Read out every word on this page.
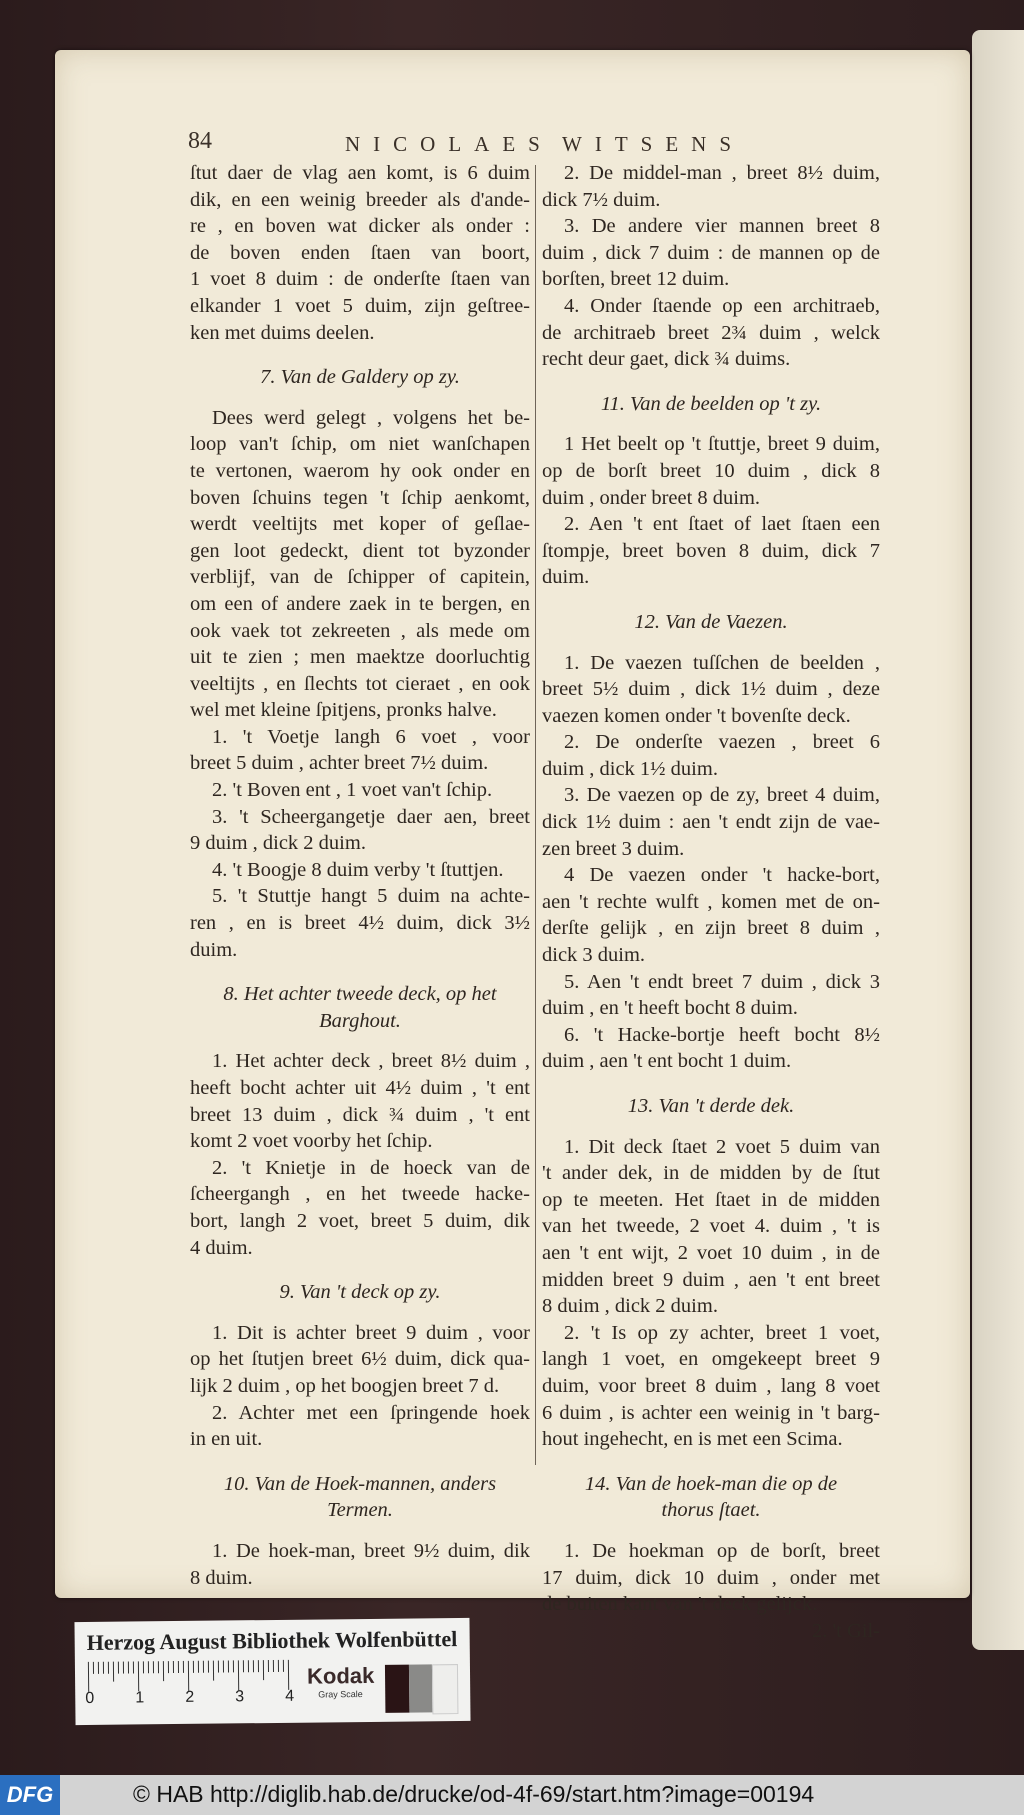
84	NICOLAES WITSENS
ſtut daer de vlag aen komt, is 6 duim
dik, en een weinig breeder als d'ande-
re , en boven wat dicker als onder :
de boven enden ſtaen van boort,
1 voet 8 duim : de onderſte ſtaen van
elkander 1 voet 5 duim, zijn geſtree-
ken met duims deelen.
7. Van de Galdery op zy.
Dees werd gelegt , volgens het be-
loop van't ſchip, om niet wanſchapen
te vertonen, waerom hy ook onder en
boven ſchuins tegen 't ſchip aenkomt,
werdt veeltijts met koper of geſlae-
gen loot gedeckt, dient tot byzonder
verblijf, van de ſchipper of capitein,
om een of andere zaek in te bergen, en
ook vaek tot zekreeten , als mede om
uit te zien ; men maektze doorluchtig
veeltijts , en ſlechts tot cieraet , en ook
wel met kleine ſpitjens, pronks halve.
1. 't Voetje langh 6 voet , voor
breet 5 duim , achter breet 7½ duim.
2. 't Boven ent , 1 voet van't ſchip.
3. 't Scheergangetje daer aen, breet
9 duim , dick 2 duim.
4. 't Boogje 8 duim verby 't ſtuttjen.
5. 't Stuttje hangt 5 duim na achte-
ren , en is breet 4½ duim, dick 3½
duim.
8. Het achter tweede deck, op het
Barghout.
1. Het achter deck , breet 8½ duim ,
heeft bocht achter uit 4½ duim , 't ent
breet 13 duim , dick ¾ duim , 't ent
komt 2 voet voorby het ſchip.
2. 't Knietje in de hoeck van de
ſcheergangh , en het tweede hacke-
bort, langh 2 voet, breet 5 duim, dik
4 duim.
9. Van 't deck op zy.
1. Dit is achter breet 9 duim , voor
op het ſtutjen breet 6½ duim, dick qua-
lijk 2 duim , op het boogjen breet 7 d.
2. Achter met een ſpringende hoek
in en uit.
10. Van de Hoek-mannen, anders
Termen.
1. De hoek-man, breet 9½ duim, dik
8 duim.
2. De middel-man , breet 8½ duim,
dick 7½ duim.
3. De andere vier mannen breet 8
duim , dick 7 duim : de mannen op de
borſten, breet 12 duim.
4. Onder ſtaende op een architraeb,
de architraeb breet 2¾ duim , welck
recht deur gaet, dick ¾ duims.
11. Van de beelden op 't zy.
1 Het beelt op 't ſtuttje, breet 9 duim,
op de borſt breet 10 duim , dick 8
duim , onder breet 8 duim.
2. Aen 't ent ſtaet of laet ſtaen een
ſtompje, breet boven 8 duim, dick 7
duim.
12. Van de Vaezen.
1. De vaezen tuſſchen de beelden ,
breet 5½ duim , dick 1½ duim , deze
vaezen komen onder 't bovenſte deck.
2. De onderſte vaezen , breet 6
duim , dick 1½ duim.
3. De vaezen op de zy, breet 4 duim,
dick 1½ duim : aen 't endt zijn de vae-
zen breet 3 duim.
4 De vaezen onder 't hacke-bort,
aen 't rechte wulft , komen met de on-
derſte gelijk , en zijn breet 8 duim ,
dick 3 duim.
5. Aen 't endt breet 7 duim , dick 3
duim , en 't heeft bocht 8 duim.
6. 't Hacke-bortje heeft bocht 8½
duim , aen 't ent bocht 1 duim.
13. Van 't derde dek.
1. Dit deck ſtaet 2 voet 5 duim van
't ander dek, in de midden by de ſtut
op te meeten. Het ſtaet in de midden
van het tweede, 2 voet 4. duim , 't is
aen 't ent wijt, 2 voet 10 duim , in de
midden breet 9 duim , aen 't ent breet
8 duim , dick 2 duim.
2. 't Is op zy achter, breet 1 voet,
langh 1 voet, en omgekeept breet 9
duim, voor breet 8 duim , lang 8 voet
6 duim , is achter een weinig in 't barg-
hout ingehecht, en is met een Scima.
14. Van de hoek-man die op de
thorus ſtaet.
1. De hoekman op de borſt, breet
17 duim, dick 10 duim , onder met
de buiten kant van 't deck gelijck.
2. 't Gil-
Herzog August Bibliothek Wolfenbüttel
0	1	2	3	4
Kodak
Gray Scale
DFG	© HAB http://diglib.hab.de/drucke/od-4f-69/start.htm?image=00194
